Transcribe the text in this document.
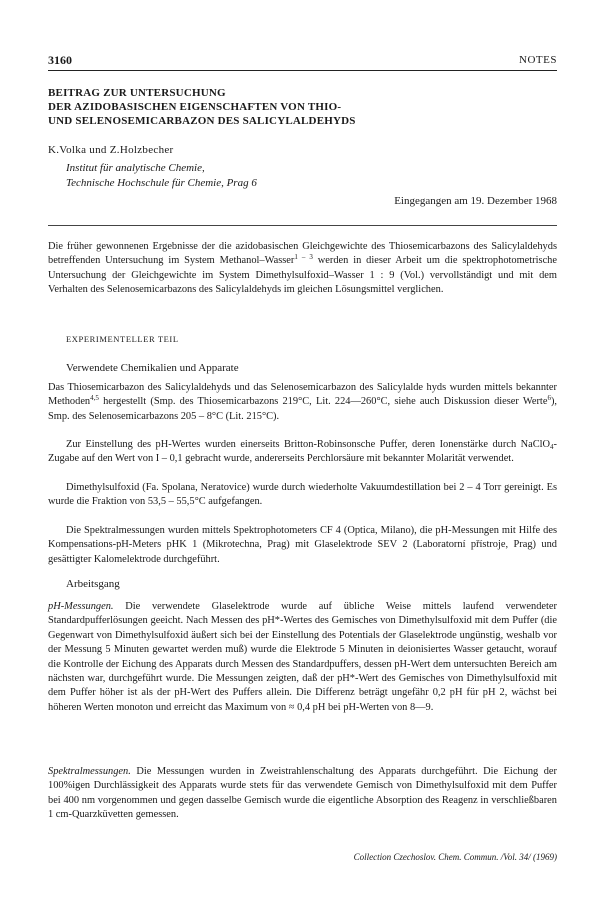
3160	NOTES
BEITRAG ZUR UNTERSUCHUNG
DER AZIDOBASISCHEN EIGENSCHAFTEN VON THIO-
UND SELENOSEMICARBAZON DES SALICYLALDEHYDS
K.Volka und Z.Holzbecher
Institut für analytische Chemie,
Technische Hochschule für Chemie, Prag 6
Eingegangen am 19. Dezember 1968
Die früher gewonnenen Ergebnisse der die azidobasischen Gleichgewichte des Thiosemicarbazons des Salicylaldehyds betreffenden Untersuchung im System Methanol–Wasser$^{1 - 3}$ werden in dieser Arbeit um die spektrophotometrische Untersuchung der Gleichgewichte im System Dimethylsulfoxid–Wasser 1 : 9 (Vol.) vervollständigt und mit dem Verhalten des Selenosemicarbazons des Salicylaldehyds im gleichen Lösungsmittel verglichen.
EXPERIMENTELLER TEIL
Verwendete Chemikalien und Apparate
Das Thiosemicarbazon des Salicylaldehyds und das Selenosemicarbazon des Salicylalde hyds wurden mittels bekannter Methoden$^{4,5}$ hergestellt (Smp. des Thiosemicarbazons 219°C, Lit. 224—260°C, siehe auch Diskussion dieser Werte$^6$), Smp. des Selenosemicarbazons 205 – 8°C (Lit. 215°C).
Zur Einstellung des pH-Wertes wurden einerseits Britton-Robinsonsche Puffer, deren Ionenstärke durch NaClO$_4$-Zugabe auf den Wert von I – 0,1 gebracht wurde, andererseits Perchlorsäure mit bekannter Molarität verwendet.
Dimethylsulfoxid (Fa. Spolana, Neratovice) wurde durch wiederholte Vakuumdestillation bei 2 – 4 Torr gereinigt. Es wurde die Fraktion von 53,5 – 55,5°C aufgefangen.
Die Spektralmessungen wurden mittels Spektrophotometers CF 4 (Optica, Milano), die pH-Messungen mit Hilfe des Kompensations-pH-Meters pHK 1 (Mikrotechna, Prag) mit Glaselektrode SEV 2 (Laboratorní přístroje, Prag) und gesättigter Kalomelektrode durchgeführt.
Arbeitsgang
pH-Messungen. Die verwendete Glaselektrode wurde auf übliche Weise mittels laufend verwendeter Standardpufferlösungen geeicht. Nach Messen des pH*-Wertes des Gemisches von Dimethylsulfoxid mit dem Puffer (die Gegenwart von Dimethylsulfoxid äußert sich bei der Einstellung des Potentials der Glaselektrode ungünstig, weshalb vor der Messung 5 Minuten gewartet werden muß) wurde die Elektrode 5 Minuten in deionisiertes Wasser getaucht, worauf die Kontrolle der Eichung des Apparats durch Messen des Standardpuffers, dessen pH-Wert dem untersuchten Bereich am nächsten war, durchgeführt wurde. Die Messungen zeigten, daß der pH*-Wert des Gemisches von Dimethylsulfoxid mit dem Puffer höher ist als der pH-Wert des Puffers allein. Die Differenz beträgt ungefähr 0,2 pH für pH 2, wächst bei höheren Werten monoton und erreicht das Maximum von ≈ 0,4 pH bei pH-Werten von 8—9.
Spektralmessungen. Die Messungen wurden in Zweistrahlenschaltung des Apparats durchgeführt. Die Eichung der 100%igen Durchlässigkeit des Apparats wurde stets für das verwendete Gemisch von Dimethylsulfoxid mit dem Puffer bei 400 nm vorgenommen und gegen dasselbe Gemisch wurde die eigentliche Absorption des Reagenz in verschließbaren 1 cm-Quarzküvetten gemessen.
Collection Czechoslov. Chem. Commun. /Vol. 34/ (1969)
